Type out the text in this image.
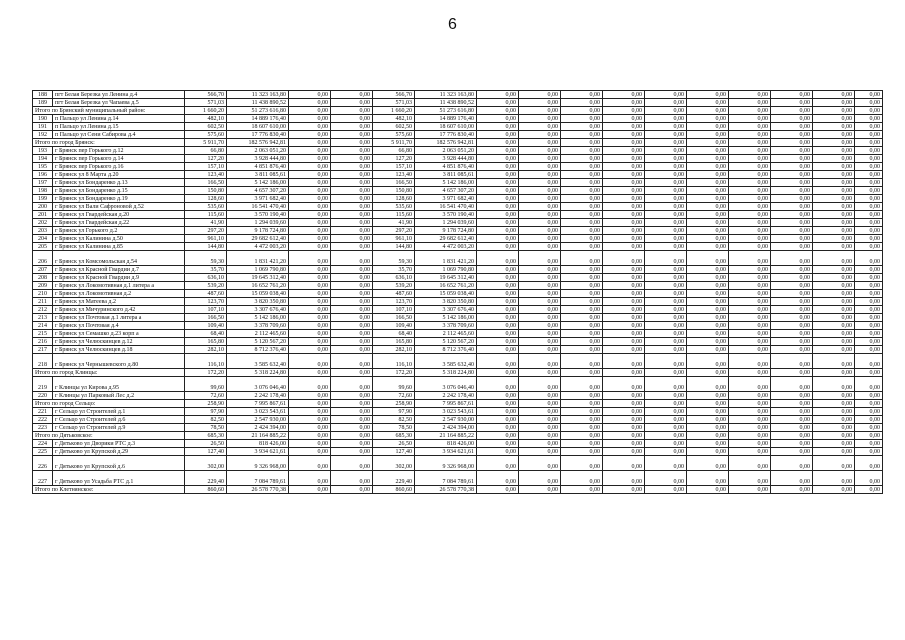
6
188	пгт Белая Березка ул Ленина д.4	566,70	11 323 163,80	0,00	0,00	566,70	11 323 163,80	0,00	0,00	0,00	0,00	0,00	0,00	0,00	0,00	0,00	0,00
189	пгт Белая Березка ул Чапаева д.5	571,03	11 438 890,52	0,00	0,00	571,03	11 438 890,52	0,00	0,00	0,00	0,00	0,00	0,00	0,00	0,00	0,00	0,00
Итого по Брянский муниципальный район:		1 660,20	51 273 616,80	0,00	0,00	1 660,20	51 273 616,80	0,00	0,00	0,00	0,00	0,00	0,00	0,00	0,00	0,00	0,00
190	п Пальцо ул Ленина д.14	482,10	14 889 176,40	0,00	0,00	482,10	14 889 176,40	0,00	0,00	0,00	0,00	0,00	0,00	0,00	0,00	0,00	0,00
191	п Пальцо ул Ленина д.15	602,50	18 607 610,00	0,00	0,00	602,50	18 607 610,00	0,00	0,00	0,00	0,00	0,00	0,00	0,00	0,00	0,00	0,00
192	п Пальцо ул Сени Сабирова д.4	575,60	17 776 830,40	0,00	0,00	575,60	17 776 830,40	0,00	0,00	0,00	0,00	0,00	0,00	0,00	0,00	0,00	0,00
Итого по город Брянск:		5 911,70	182 576 942,81	0,00	0,00	5 911,70	182 576 942,81	0,00	0,00	0,00	0,00	0,00	0,00	0,00	0,00	0,00	0,00
193	г Брянск пер Горького д.12	66,80	2 063 051,20	0,00	0,00	66,80	2 063 051,20	0,00	0,00	0,00	0,00	0,00	0,00	0,00	0,00	0,00	0,00
194	г Брянск пер Горького д.14	127,20	3 928 444,80	0,00	0,00	127,20	3 928 444,80	0,00	0,00	0,00	0,00	0,00	0,00	0,00	0,00	0,00	0,00
195	г Брянск пер Горького д.16	157,10	4 851 876,40	0,00	0,00	157,10	4 851 876,40	0,00	0,00	0,00	0,00	0,00	0,00	0,00	0,00	0,00	0,00
196	г Брянск ул 8 Марта д.20	123,40	3 811 085,61	0,00	0,00	123,40	3 811 085,61	0,00	0,00	0,00	0,00	0,00	0,00	0,00	0,00	0,00	0,00
197	г Брянск ул Бондаренко д.13	166,50	5 142 186,00	0,00	0,00	166,50	5 142 186,00	0,00	0,00	0,00	0,00	0,00	0,00	0,00	0,00	0,00	0,00
198	г Брянск ул Бондаренко д.15	150,80	4 657 307,20	0,00	0,00	150,80	4 657 307,20	0,00	0,00	0,00	0,00	0,00	0,00	0,00	0,00	0,00	0,00
199	г Брянск ул Бондаренко д.19	128,60	3 971 682,40	0,00	0,00	128,60	3 971 682,40	0,00	0,00	0,00	0,00	0,00	0,00	0,00	0,00	0,00	0,00
200	г Брянск ул Вали Сафроновой д.52	535,60	16 541 470,40	0,00	0,00	535,60	16 541 470,40	0,00	0,00	0,00	0,00	0,00	0,00	0,00	0,00	0,00	0,00
201	г Брянск ул Гвардейская д.20	115,60	3 570 190,40	0,00	0,00	115,60	3 570 190,40	0,00	0,00	0,00	0,00	0,00	0,00	0,00	0,00	0,00	0,00
202	г Брянск ул Гвардейская д.22	41,90	1 294 039,60	0,00	0,00	41,90	1 294 039,60	0,00	0,00	0,00	0,00	0,00	0,00	0,00	0,00	0,00	0,00
203	г Брянск ул Горького д.2	297,20	9 178 724,80	0,00	0,00	297,20	9 178 724,80	0,00	0,00	0,00	0,00	0,00	0,00	0,00	0,00	0,00	0,00
204	г Брянск ул Калинина д.50	961,10	29 682 612,40	0,00	0,00	961,10	29 682 612,40	0,00	0,00	0,00	0,00	0,00	0,00	0,00	0,00	0,00	0,00
205	г Брянск ул Калинина д.85	144,80	4 472 003,20	0,00	0,00	144,80	4 472 003,20	0,00	0,00	0,00	0,00	0,00	0,00	0,00	0,00	0,00	0,00
206	г Брянск ул Комсомольская д.54	59,30	1 831 421,20	0,00	0,00	59,30	1 831 421,20	0,00	0,00	0,00	0,00	0,00	0,00	0,00	0,00	0,00	0,00
207	г Брянск ул Красной Гвардии д.7	35,70	1 069 790,80	0,00	0,00	35,70	1 069 790,80	0,00	0,00	0,00	0,00	0,00	0,00	0,00	0,00	0,00	0,00
208	г Брянск ул Красной Гвардии д.9	636,10	19 645 312,40	0,00	0,00	636,10	19 645 312,40	0,00	0,00	0,00	0,00	0,00	0,00	0,00	0,00	0,00	0,00
209	г Брянск ул Локомотивная д.1 литера а	539,20	16 652 761,20	0,00	0,00	539,20	16 652 761,20	0,00	0,00	0,00	0,00	0,00	0,00	0,00	0,00	0,00	0,00
210	г Брянск ул Локомотивная д.2	487,60	15 059 038,40	0,00	0,00	487,60	15 059 038,40	0,00	0,00	0,00	0,00	0,00	0,00	0,00	0,00	0,00	0,00
211	г Брянск ул Матеева д.2	123,70	3 820 350,80	0,00	0,00	123,70	3 820 350,80	0,00	0,00	0,00	0,00	0,00	0,00	0,00	0,00	0,00	0,00
212	г Брянск ул Мичуринского д.42	107,10	3 307 676,40	0,00	0,00	107,10	3 307 676,40	0,00	0,00	0,00	0,00	0,00	0,00	0,00	0,00	0,00	0,00
213	г Брянск ул Почтовая д.1 литера а	166,50	5 142 186,00	0,00	0,00	166,50	5 142 186,00	0,00	0,00	0,00	0,00	0,00	0,00	0,00	0,00	0,00	0,00
214	г Брянск ул Почтовая д.4	109,40	3 378 709,60	0,00	0,00	109,40	3 378 709,60	0,00	0,00	0,00	0,00	0,00	0,00	0,00	0,00	0,00	0,00
215	г Брянск ул Семашко д.23 корп а	68,40	2 112 465,60	0,00	0,00	68,40	2 112 465,60	0,00	0,00	0,00	0,00	0,00	0,00	0,00	0,00	0,00	0,00
216	г Брянск ул Челюскинцев д.12	165,80	5 120 567,20	0,00	0,00	165,80	5 120 567,20	0,00	0,00	0,00	0,00	0,00	0,00	0,00	0,00	0,00	0,00
217	г Брянск ул Челюскинцев д.18	282,10	8 712 376,40	0,00	0,00	282,10	8 712 376,40	0,00	0,00	0,00	0,00	0,00	0,00	0,00	0,00	0,00	0,00
218	г Брянск ул Чернышевского д.80	116,10	3 585 632,40	0,00	0,00	116,10	3 585 632,40	0,00	0,00	0,00	0,00	0,00	0,00	0,00	0,00	0,00	0,00
Итого по город Клинцы:		172,20	5 318 224,80	0,00	0,00	172,20	5 318 224,80	0,00	0,00	0,00	0,00	0,00	0,00	0,00	0,00	0,00	0,00
219	г Клинцы ул Кирова д.95	99,60	3 076 046,40	0,00	0,00	99,60	3 076 046,40	0,00	0,00	0,00	0,00	0,00	0,00	0,00	0,00	0,00	0,00
220	г Клинцы ул Парковый Лес д.2	72,60	2 242 178,40	0,00	0,00	72,60	2 242 178,40	0,00	0,00	0,00	0,00	0,00	0,00	0,00	0,00	0,00	0,00
Итого по город Сельцо:		258,90	7 995 867,61	0,00	0,00	258,90	7 995 867,61	0,00	0,00	0,00	0,00	0,00	0,00	0,00	0,00	0,00	0,00
221	г Сельцо ул Строителей д.1	97,90	3 023 543,61	0,00	0,00	97,90	3 023 543,61	0,00	0,00	0,00	0,00	0,00	0,00	0,00	0,00	0,00	0,00
222	г Сельцо ул Строителей д.6	82,50	2 547 930,00	0,00	0,00	82,50	2 547 930,00	0,00	0,00	0,00	0,00	0,00	0,00	0,00	0,00	0,00	0,00
223	г Сельцо ул Строителей д.9	78,50	2 424 394,00	0,00	0,00	78,50	2 424 394,00	0,00	0,00	0,00	0,00	0,00	0,00	0,00	0,00	0,00	0,00
Итого по Дятьковское:		685,30	21 164 885,22	0,00	0,00	685,30	21 164 885,22	0,00	0,00	0,00	0,00	0,00	0,00	0,00	0,00	0,00	0,00
224	г Дятьково ул Дворики РТС д.3	26,50	818 426,00	0,00	0,00	26,50	818 426,00	0,00	0,00	0,00	0,00	0,00	0,00	0,00	0,00	0,00	0,00
225	г Дятьково ул Крупской д.29	127,40	3 934 621,61	0,00	0,00	127,40	3 934 621,61	0,00	0,00	0,00	0,00	0,00	0,00	0,00	0,00	0,00	0,00
226	г Дятьково ул Крупской д.6	302,00	9 326 968,00	0,00	0,00	302,00	9 326 968,00	0,00	0,00	0,00	0,00	0,00	0,00	0,00	0,00	0,00	0,00
227	г Дятьково ул Усадьба РТС д.1	229,40	7 084 789,61	0,00	0,00	229,40	7 084 789,61	0,00	0,00	0,00	0,00	0,00	0,00	0,00	0,00	0,00	0,00
Итого по Клетнянское:		860,60	26 578 770,38	0,00	0,00	860,60	26 578 770,38	0,00	0,00	0,00	0,00	0,00	0,00	0,00	0,00	0,00	0,00
